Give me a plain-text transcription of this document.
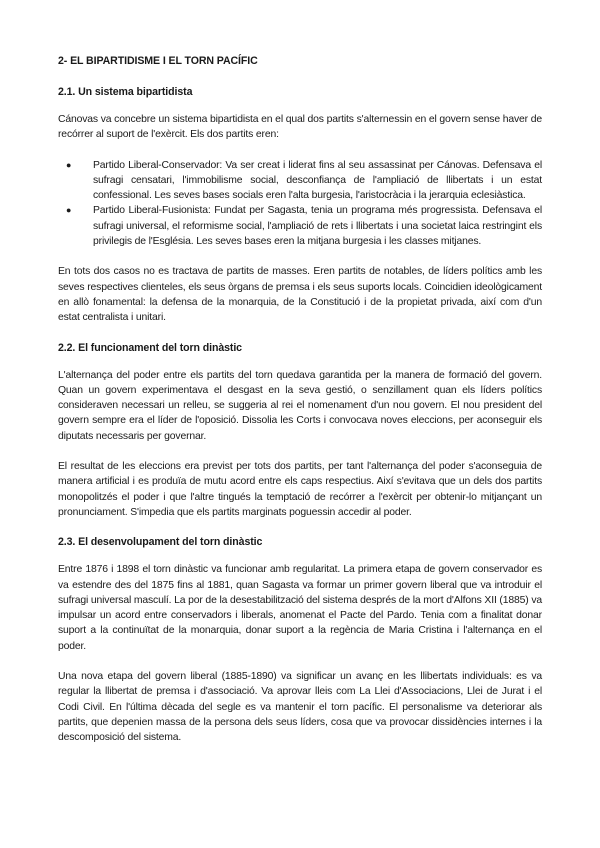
2- EL BIPARTIDISME I EL TORN PACÍFIC
2.1. Un sistema bipartidista

Cánovas va concebre un sistema bipartidista en el qual dos partits s'alternessin en el govern sense haver de recórrer al suport de l'exèrcit. Els dos partits eren:

● Partido Liberal-Conservador: Va ser creat i liderat fins al seu assassinat per Cánovas. Defensava el sufragi censatari, l'immobilisme social, desconfiança de l'ampliació de llibertats i un estat confessional. Les seves bases socials eren l'alta burgesia, l'aristocràcia i la jerarquia eclesiàstica.
● Partido Liberal-Fusionista: Fundat per Sagasta, tenia un programa més progressista. Defensava el sufragi universal, el reformisme social, l'ampliació de rets i llibertats i una societat laica restringint els privilegis de l'Església. Les seves bases eren la mitjana burgesia i les classes mitjanes.

En tots dos casos no es tractava de partits de masses. Eren partits de notables, de líders polítics amb les seves respectives clienteles, els seus òrgans de premsa i els seus suports locals. Coincidien ideològicament en allò fonamental: la defensa de la monarquia, de la Constitució i de la propietat privada, així com d'un estat centralista i unitari.

2.2. El funcionament del torn dinàstic

L'alternança del poder entre els partits del torn quedava garantida per la manera de formació del govern. Quan un govern experimentava el desgast en la seva gestió, o senzillament quan els líders polítics consideraven necessari un relleu, se suggeria al rei el nomenament d'un nou govern. El nou president del govern sempre era el líder de l'oposició. Dissolia les Corts i convocava noves eleccions, per aconseguir els diputats necessaris per governar.

El resultat de les eleccions era previst per tots dos partits, per tant l'alternança del poder s'aconseguia de manera artificial i es produïa de mutu acord entre els caps respectius. Així s'evitava que un dels dos partits monopolitzés el poder i que l'altre tingués la temptació de recórrer a l'exèrcit per obtenir-lo mitjançant un pronunciament. S'impedia que els partits marginats poguessin accedir al poder.

2.3. El desenvolupament del torn dinàstic

Entre 1876 i 1898 el torn dinàstic va funcionar amb regularitat. La primera etapa de govern conservador es va estendre des del 1875 fins al 1881, quan Sagasta va formar un primer govern liberal que va introduir el sufragi universal masculí. La por de la desestabilització del sistema després de la mort d'Alfons XII (1885) va impulsar un acord entre conservadors i liberals, anomenat el Pacte del Pardo. Tenia com a finalitat donar suport a la continuïtat de la monarquia, donar suport a la regència de Maria Cristina i l'alternança en el poder.

Una nova etapa del govern liberal (1885-1890) va significar un avanç en les llibertats individuals: es va regular la llibertat de premsa i d'associació. Va aprovar lleis com La Llei d'Associacions, Llei de Jurat i el Codi Civil. En l'última dècada del segle es va mantenir el torn pacífic. El personalisme va deteriorar als partits, que depenien massa de la persona dels seus líders, cosa que va provocar dissidències internes i la descomposició del sistema.
